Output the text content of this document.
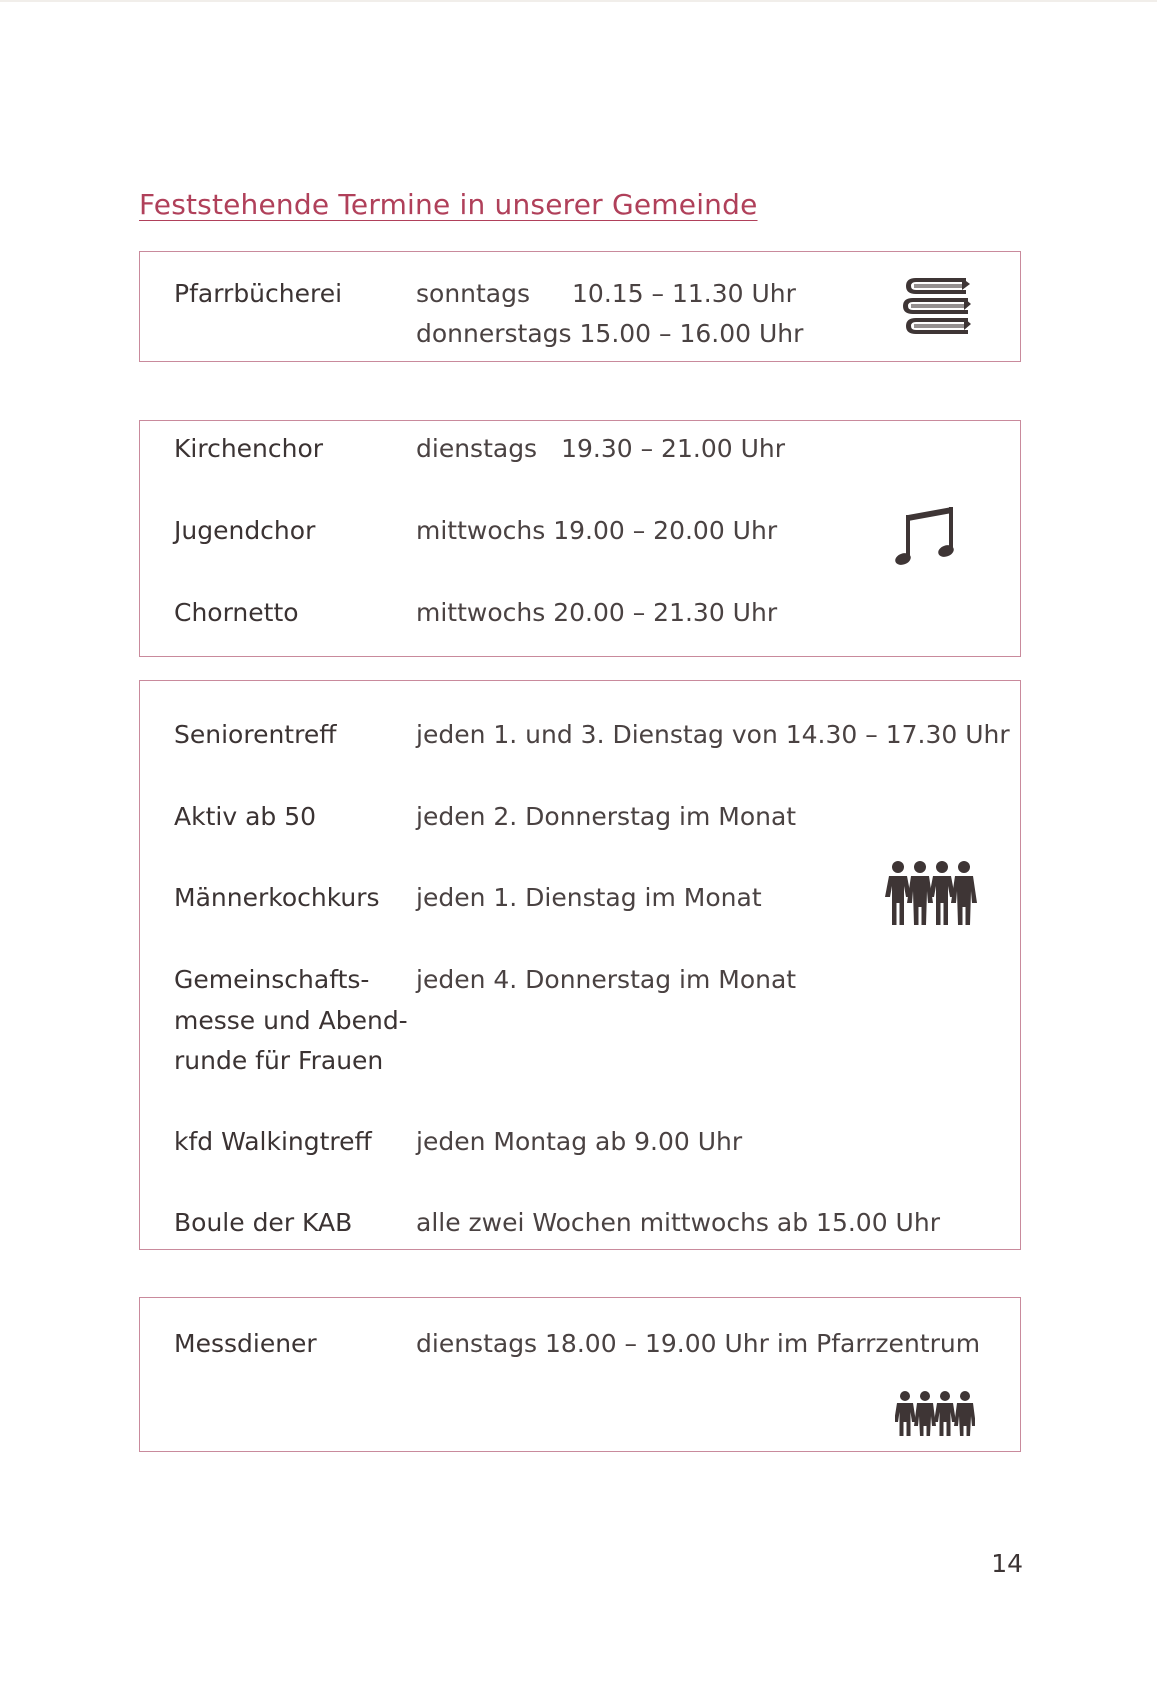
Feststehende Termine in unserer Gemeinde
Pfarrbücherei	sonntags 10.15 – 11.30 Uhr
donnerstags 15.00 – 16.00 Uhr
Kirchenchor	dienstags 19.30 – 21.00 Uhr
Jugendchor	mittwochs 19.00 – 20.00 Uhr
Chornetto	mittwochs 20.00 – 21.30 Uhr
Seniorentreff	jeden 1. und 3. Dienstag von 14.30 – 17.30 Uhr
Aktiv ab 50	jeden 2. Donnerstag im Monat
Männerkochkurs jeden 1. Dienstag im Monat
Gemeinschafts- jeden 4. Donnerstag im Monat
messe und Abend-
runde für Frauen
kfd Walkingtreff jeden Montag ab 9.00 Uhr
Boule der KAB	alle zwei Wochen mittwochs ab 15.00 Uhr
Messdiener	dienstags 18.00 – 19.00 Uhr im Pfarrzentrum
14
